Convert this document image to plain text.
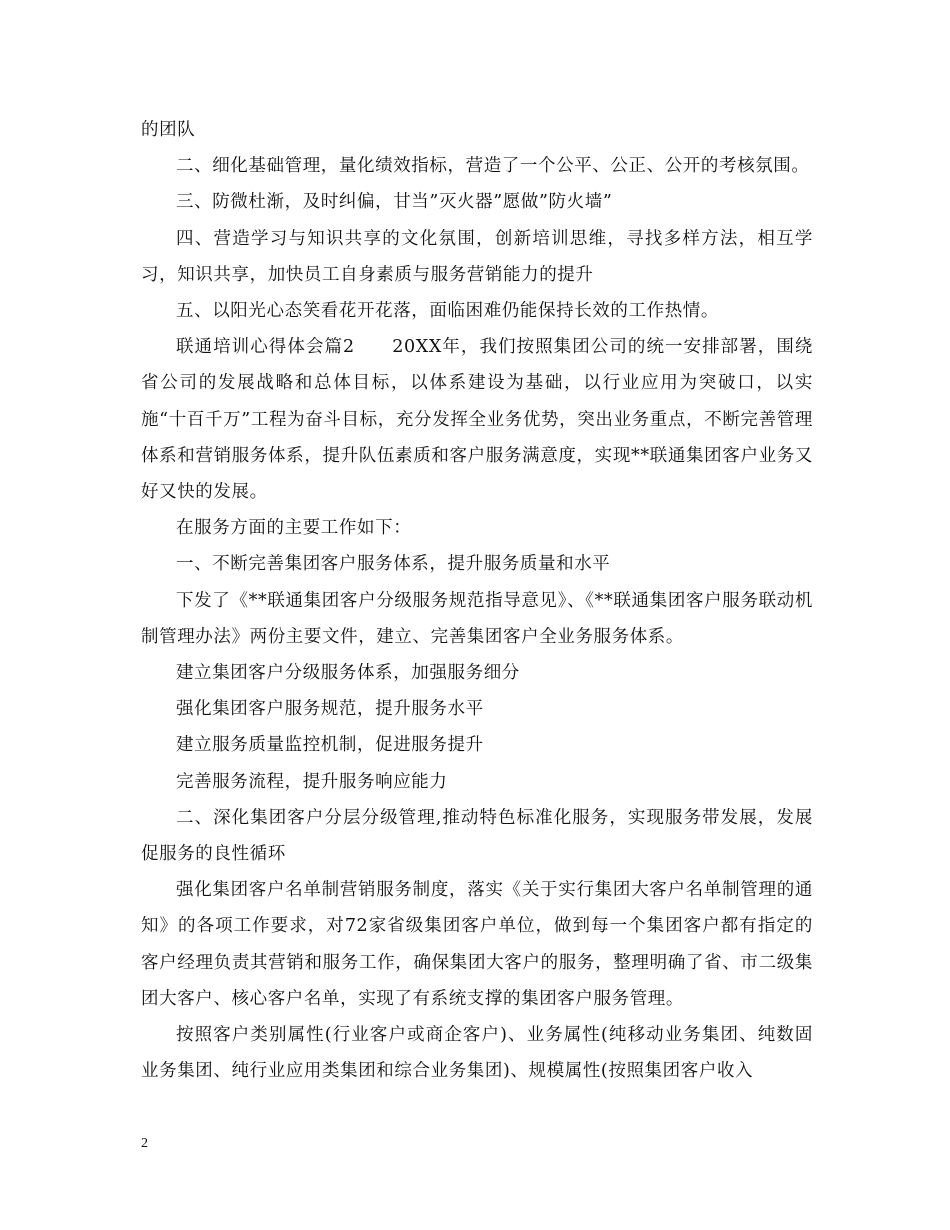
的团队

二、细化基础管理，量化绩效指标，营造了一个公平、公正、公开的考核氛围。

三、防微杜渐，及时纠偏，甘当”灭火器”愿做”防火墙”

四、营造学习与知识共享的文化氛围，创新培训思维，寻找多样方法，相互学习，知识共享，加快员工自身素质与服务营销能力的提升

五、以阳光心态笑看花开花落，面临困难仍能保持长效的工作热情。

联通培训心得体会篇2　　20XX年，我们按照集团公司的统一安排部署，围绕省公司的发展战略和总体目标，以体系建设为基础，以行业应用为突破口，以实施“十百千万”工程为奋斗目标，充分发挥全业务优势，突出业务重点，不断完善管理体系和营销服务体系，提升队伍素质和客户服务满意度，实现**联通集团客户业务又好又快的发展。

在服务方面的主要工作如下：

一、不断完善集团客户服务体系，提升服务质量和水平

下发了《**联通集团客户分级服务规范指导意见》、《**联通集团客户服务联动机制管理办法》两份主要文件，建立、完善集团客户全业务服务体系。

建立集团客户分级服务体系，加强服务细分

强化集团客户服务规范，提升服务水平

建立服务质量监控机制，促进服务提升

完善服务流程，提升服务响应能力

二、深化集团客户分层分级管理,推动特色标准化服务，实现服务带发展，发展促服务的良性循环

强化集团客户名单制营销服务制度，落实《关于实行集团大客户名单制管理的通知》的各项工作要求，对72家省级集团客户单位，做到每一个集团客户都有指定的客户经理负责其营销和服务工作，确保集团大客户的服务，整理明确了省、市二级集团大客户、核心客户名单，实现了有系统支撑的集团客户服务管理。

按照客户类别属性(行业客户或商企客户)、业务属性(纯移动业务集团、纯数固业务集团、纯行业应用类集团和综合业务集团)、规模属性(按照集团客户收入

2
